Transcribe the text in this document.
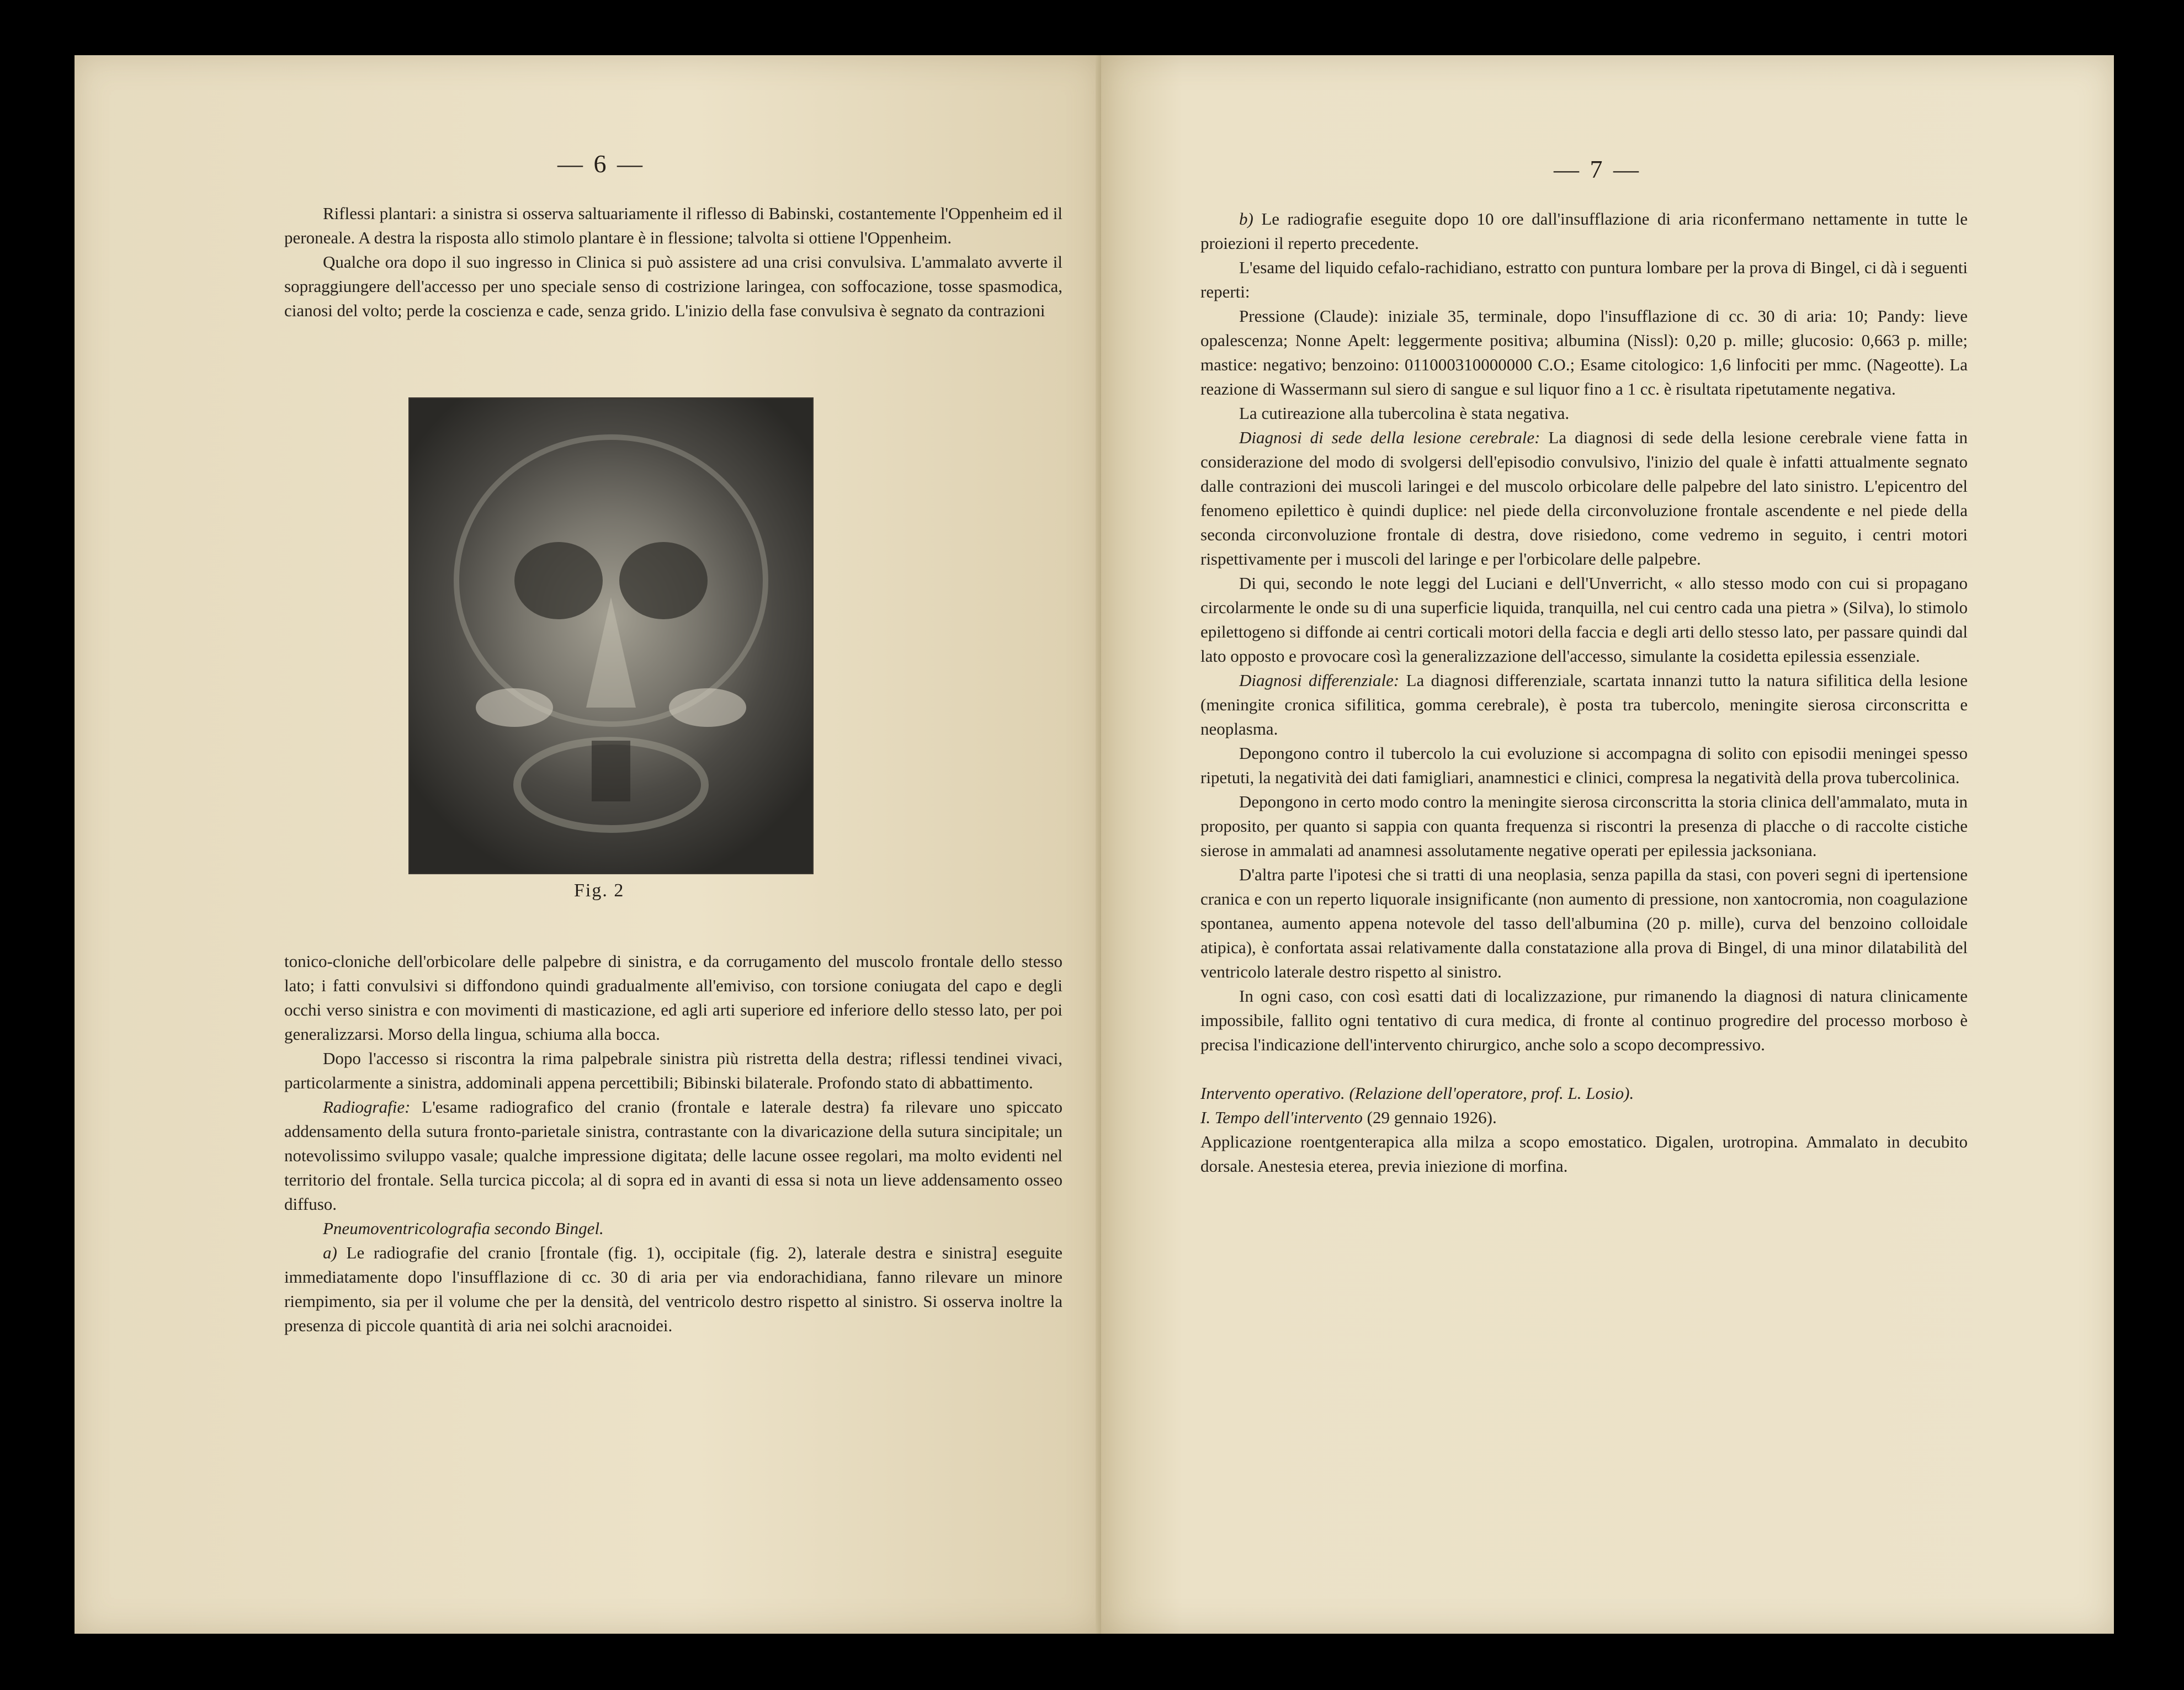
— 6 —

Riflessi plantari: a sinistra si osserva saltuariamente il riflesso di Babinski, costantemente l'Oppenheim ed il peroneale. A destra la risposta allo stimolo plantare è in flessione; talvolta si ottiene l'Oppenheim.

Qualche ora dopo il suo ingresso in Clinica si può assistere ad una crisi convulsiva. L'ammalato avverte il sopraggiungere dell'accesso per uno speciale senso di costrizione laringea, con soffocazione, tosse spasmodica, cianosi del volto; perde la coscienza e cade, senza grido. L'inizio della fase convulsiva è segnato da contrazioni

Fig. 2

tonico-cloniche dell'orbicolare delle palpebre di sinistra, e da corrugamento del muscolo frontale dello stesso lato; i fatti convulsivi si diffondono quindi gradualmente all'emiviso, con torsione coniugata del capo e degli occhi verso sinistra e con movimenti di masticazione, ed agli arti superiore ed inferiore dello stesso lato, per poi generalizzarsi. Morso della lingua, schiuma alla bocca.

Dopo l'accesso si riscontra la rima palpebrale sinistra più ristretta della destra; riflessi tendinei vivaci, particolarmente a sinistra, addominali appena percettibili; Bibinski bilaterale. Profondo stato di abbattimento.

Radiografie: L'esame radiografico del cranio (frontale e laterale destra) fa rilevare uno spiccato addensamento della sutura fronto-parietale sinistra, contrastante con la divaricazione della sutura sincipitale; un notevolissimo sviluppo vasale; qualche impressione digitata; delle lacune ossee regolari, ma molto evidenti nel territorio del frontale. Sella turcica piccola; al di sopra ed in avanti di essa si nota un lieve addensamento osseo diffuso.

Pneumoventricolografia secondo Bingel.

a) Le radiografie del cranio [frontale (fig. 1), occipitale (fig. 2), laterale destra e sinistra] eseguite immediatamente dopo l'insufflazione di cc. 30 di aria per via endorachidiana, fanno rilevare un minore riempimento, sia per il volume che per la densità, del ventricolo destro rispetto al sinistro. Si osserva inoltre la presenza di piccole quantità di aria nei solchi aracnoidei.

— 7 —

b) Le radiografie eseguite dopo 10 ore dall'insufflazione di aria riconfermano nettamente in tutte le proiezioni il reperto precedente.

L'esame del liquido cefalo-rachidiano, estratto con puntura lombare per la prova di Bingel, ci dà i seguenti reperti:

Pressione (Claude): iniziale 35, terminale, dopo l'insufflazione di cc. 30 di aria: 10; Pandy: lieve opalescenza; Nonne Apelt: leggermente positiva; albumina (Nissl): 0,20 p. mille; glucosio: 0,663 p. mille; mastice: negativo; benzoino: 011000310000000 C.O.; Esame citologico: 1,6 linfociti per mmc. (Nageotte). La reazione di Wassermann sul siero di sangue e sul liquor fino a 1 cc. è risultata ripetutamente negativa.

La cutireazione alla tubercolina è stata negativa.

Diagnosi di sede della lesione cerebrale: La diagnosi di sede della lesione cerebrale viene fatta in considerazione del modo di svolgersi dell'episodio convulsivo, l'inizio del quale è infatti attualmente segnato dalle contrazioni dei muscoli laringei e del muscolo orbicolare delle palpebre del lato sinistro. L'epicentro del fenomeno epilettico è quindi duplice: nel piede della circonvoluzione frontale ascendente e nel piede della seconda circonvoluzione frontale di destra, dove risiedono, come vedremo in seguito, i centri motori rispettivamente per i muscoli del laringe e per l'orbicolare delle palpebre.

Di qui, secondo le note leggi del Luciani e dell'Unverricht, « allo stesso modo con cui si propagano circolarmente le onde su di una superficie liquida, tranquilla, nel cui centro cada una pietra » (Silva), lo stimolo epilettogeno si diffonde ai centri corticali motori della faccia e degli arti dello stesso lato, per passare quindi dal lato opposto e provocare così la generalizzazione dell'accesso, simulante la cosidetta epilessia essenziale.

Diagnosi differenziale: La diagnosi differenziale, scartata innanzi tutto la natura sifilitica della lesione (meningite cronica sifilitica, gomma cerebrale), è posta tra tubercolo, meningite sierosa circonscritta e neoplasma.

Depongono contro il tubercolo la cui evoluzione si accompagna di solito con episodii meningei spesso ripetuti, la negatività dei dati famigliari, anamnestici e clinici, compresa la negatività della prova tubercolinica.

Depongono in certo modo contro la meningite sierosa circonscritta la storia clinica dell'ammalato, muta in proposito, per quanto si sappia con quanta frequenza si riscontri la presenza di placche o di raccolte cistiche sierose in ammalati ad anamnesi assolutamente negative operati per epilessia jacksoniana.

D'altra parte l'ipotesi che si tratti di una neoplasia, senza papilla da stasi, con poveri segni di ipertensione cranica e con un reperto liquorale insignificante (non aumento di pressione, non xantocromia, non coagulazione spontanea, aumento appena notevole del tasso dell'albumina (20 p. mille), curva del benzoino colloidale atipica), è confortata assai relativamente dalla constatazione alla prova di Bingel, di una minor dilatabilità del ventricolo laterale destro rispetto al sinistro.

In ogni caso, con così esatti dati di localizzazione, pur rimanendo la diagnosi di natura clinicamente impossibile, fallito ogni tentativo di cura medica, di fronte al continuo progredire del processo morboso è precisa l'indicazione dell'intervento chirurgico, anche solo a scopo decompressivo.

Intervento operativo. (Relazione dell'operatore, prof. L. Losio).

I. Tempo dell'intervento (29 gennaio 1926).

Applicazione roentgenterapica alla milza a scopo emostatico. Digalen, urotropina. Ammalato in decubito dorsale. Anestesia eterea, previa iniezione di morfina.
